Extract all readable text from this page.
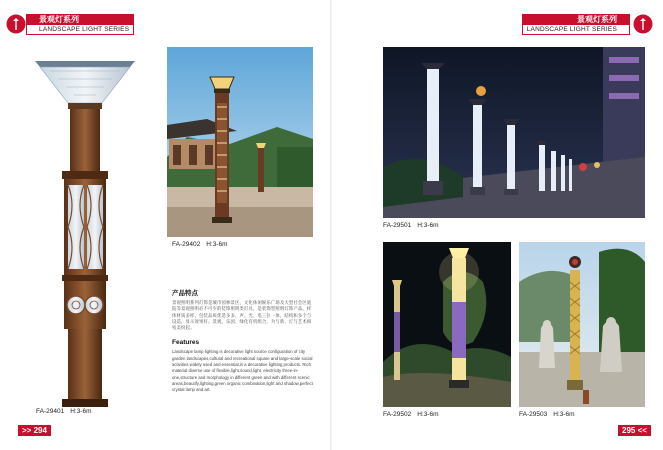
景观灯系列
LANDSCAPE LIGHT SERIES
FA-29401 H:3-6m
FA-29402 H:3-6m
产品特点

景观照明系列灯饰是城市园林景区、文化休闲娱乐广场及大型社会区庭院等景观照明必不可少的装饰照明类灯具，是装饰型照明灯饰产品。样体材质多样，包装品质优选多多，声、光、电三位一体，结构和多个与设造，显示效果好。景观，乐园、绿化有机组合，为与新、灯与艺术相宛美纷起。

Features

Landscape lamp lighting is decorative light source configuration of city garden landscapes,cultural and recreational square and large-scale social activities widely used and essential,is a decorative lighting products. Rich material diverse use of flexible,light,sound,light, electricity three-in-one,structure and morphology in different green and with different scenic areas,beautify,lighting,green organic combination,light and shadow,perfect crystal lamp and art.

>> 294
景观灯系列
LANDSCAPE LIGHT SERIES
FA-29501 H:3-6m
FA-29502 H:3-6m	FA-29503 H:3-6m
295 <<
